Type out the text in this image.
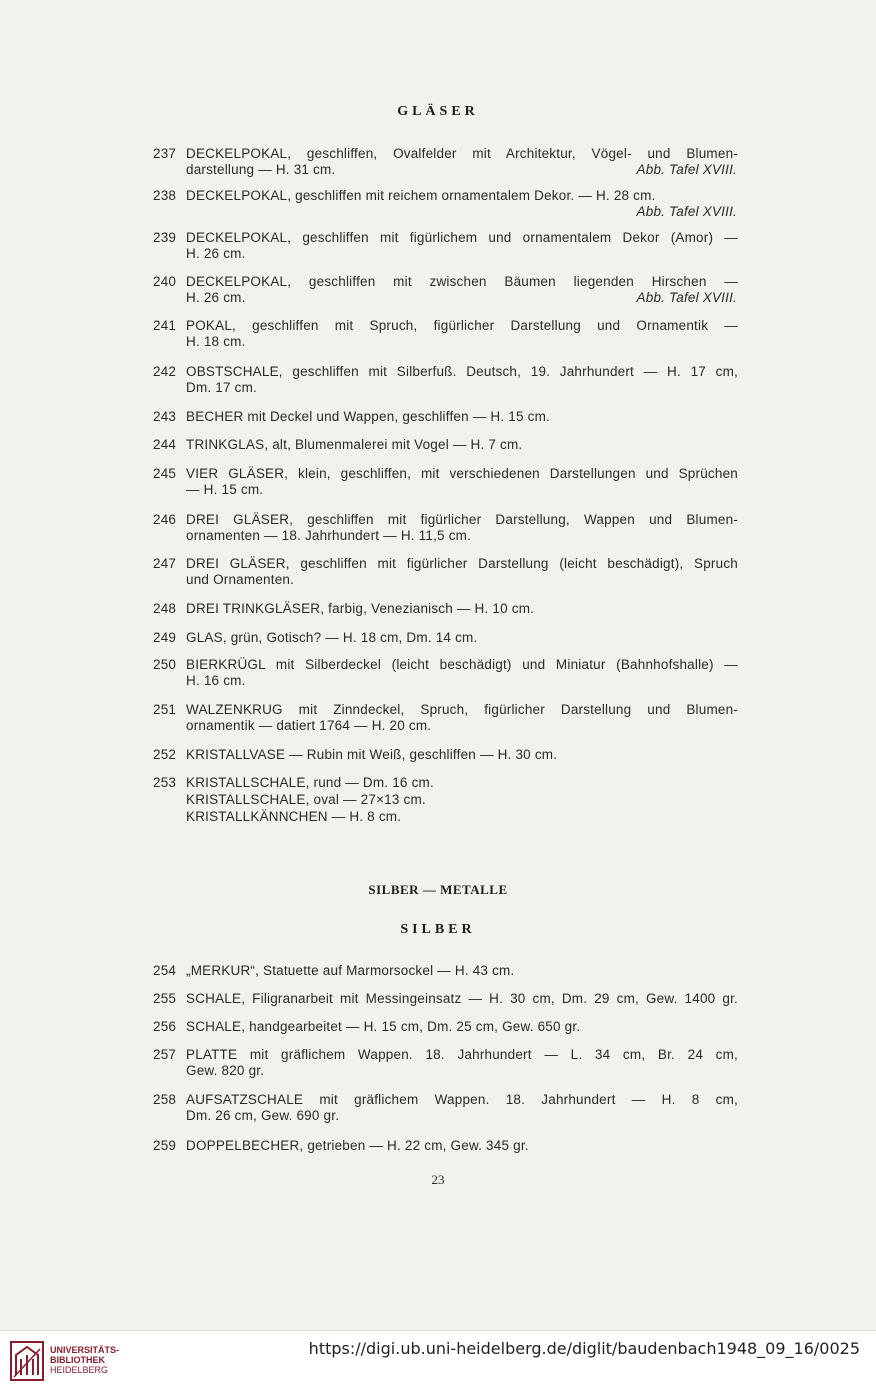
GLÄSER
237 DECKELPOKAL, geschliffen, Ovalfelder mit Architektur, Vögel- und Blumen-
darstellung — H. 31 cm.	Abb. Tafel XVIII.
238 DECKELPOKAL, geschliffen mit reichem ornamentalem Dekor. — H. 28 cm.
Abb. Tafel XVIII.
239 DECKELPOKAL, geschliffen mit figürlichem und ornamentalem Dekor (Amor) —
H. 26 cm.
240 DECKELPOKAL, geschliffen mit zwischen Bäumen liegenden Hirschen —
H. 26 cm.	Abb. Tafel XVIII.
241 POKAL, geschliffen mit Spruch, figürlicher Darstellung und Ornamentik —
H. 18 cm.
242 OBSTSCHALE, geschliffen mit Silberfuß. Deutsch, 19. Jahrhundert — H. 17 cm,
Dm. 17 cm.
243 BECHER mit Deckel und Wappen, geschliffen — H. 15 cm.
244 TRINKGLAS, alt, Blumenmalerei mit Vogel — H. 7 cm.
245 VIER GLÄSER, klein, geschliffen, mit verschiedenen Darstellungen und Sprüchen
— H. 15 cm.
246 DREI GLÄSER, geschliffen mit figürlicher Darstellung, Wappen und Blumen-
ornamenten — 18. Jahrhundert — H. 11,5 cm.
247 DREI GLÄSER, geschliffen mit figürlicher Darstellung (leicht beschädigt), Spruch
und Ornamenten.
248 DREI TRINKGLÄSER, farbig, Venezianisch — H. 10 cm.
249 GLAS, grün, Gotisch? — H. 18 cm, Dm. 14 cm.
250 BIERKRÜGL mit Silberdeckel (leicht beschädigt) und Miniatur (Bahnhofshalle) —
H. 16 cm.
251 WALZENKRUG mit Zinndeckel, Spruch, figürlicher Darstellung und Blumen-
ornamentik — datiert 1764 — H. 20 cm.
252 KRISTALLVASE — Rubin mit Weiß, geschliffen — H. 30 cm.
253 KRISTALLSCHALE, rund — Dm. 16 cm.
KRISTALLSCHALE, oval — 27×13 cm.
KRISTALLKÄNNCHEN — H. 8 cm.
SILBER — METALLE
SILBER
254 „MERKUR“, Statuette auf Marmorsockel — H. 43 cm.
255 SCHALE, Filigranarbeit mit Messingeinsatz — H. 30 cm, Dm. 29 cm, Gew. 1400 gr.
256 SCHALE, handgearbeitet — H. 15 cm, Dm. 25 cm, Gew. 650 gr.
257 PLATTE mit gräflichem Wappen. 18. Jahrhundert — L. 34 cm, Br. 24 cm,
Gew. 820 gr.
258 AUFSATZSCHALE mit gräflichem Wappen. 18. Jahrhundert — H. 8 cm,
Dm. 26 cm, Gew. 690 gr.
259 DOPPELBECHER, getrieben — H. 22 cm, Gew. 345 gr.
23
UNIVERSITÄTS-
BIBLIOTHEK
HEIDELBERG
https://digi.ub.uni-heidelberg.de/diglit/baudenbach1948_09_16/0025
